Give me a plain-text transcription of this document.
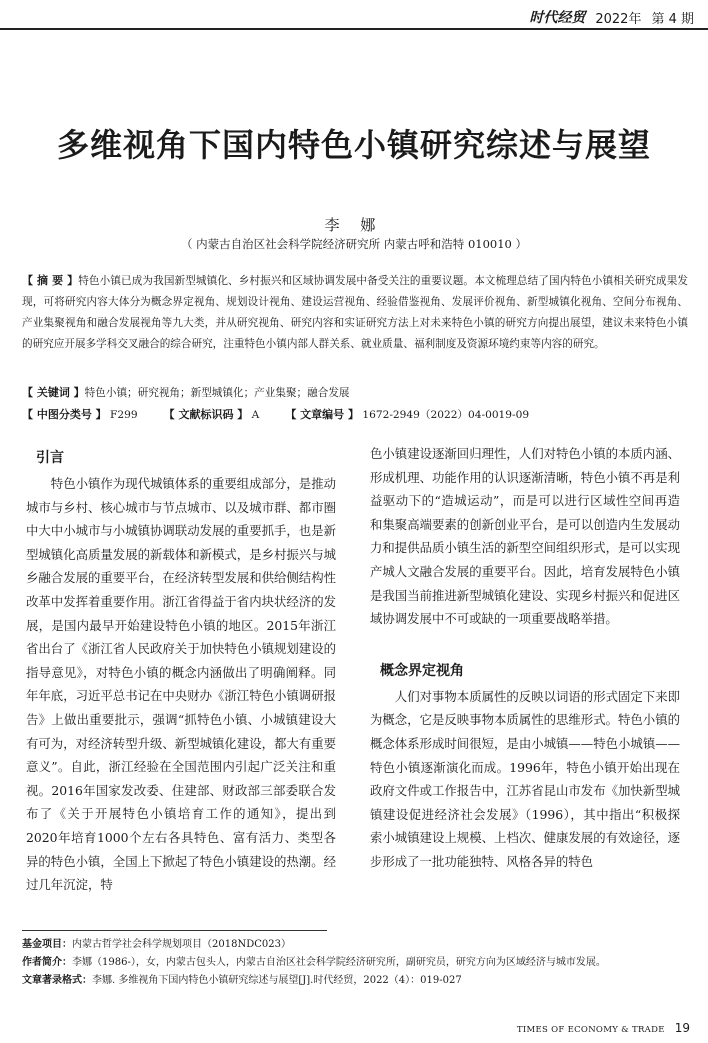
时代经贸 2022年 第 4 期
多维视角下国内特色小镇研究综述与展望
李 娜
（ 内蒙古自治区社会科学院经济研究所 内蒙古呼和浩特 010010 ）

【 摘 要 】特色小镇已成为我国新型城镇化、乡村振兴和区域协调发展中备受关注的重要议题。本文梳理总结了国内特色小镇相关研究成果发现，可将研究内容大体分为概念界定视角、规划设计视角、建设运营视角、经验借鉴视角、发展评价视角、新型城镇化视角、空间分布视角、产业集聚视角和融合发展视角等九大类，并从研究视角、研究内容和实证研究方法上对未来特色小镇的研究方向提出展望，建议未来特色小镇的研究应开展多学科交叉融合的综合研究，注重特色小镇内部人群关系、就业质量、福利制度及资源环境约束等内容的研究。

【 关键词 】特色小镇；研究视角；新型城镇化；产业集聚；融合发展
【 中图分类号 】 F299 【 文献标识码 】 A 【 文章编号 】 1672-2949（2022）04-0019-09
引言

特色小镇作为现代城镇体系的重要组成部分，是推动城市与乡村、核心城市与节点城市、以及城市群、都市圈中大中小城市与小城镇协调联动发展的重要抓手，也是新型城镇化高质量发展的新载体和新模式，是乡村振兴与城乡融合发展的重要平台，在经济转型发展和供给侧结构性改革中发挥着重要作用。浙江省得益于省内块状经济的发展，是国内最早开始建设特色小镇的地区。2015年浙江省出台了《浙江省人民政府关于加快特色小镇规划建设的指导意见》，对特色小镇的概念内涵做出了明确阐释。同年年底，习近平总书记在中央财办《浙江特色小镇调研报告》上做出重要批示，强调“抓特色小镇、小城镇建设大有可为，对经济转型升级、新型城镇化建设，都大有重要意义”。自此，浙江经验在全国范围内引起广泛关注和重视。2016年国家发改委、住建部、财政部三部委联合发布了《关于开展特色小镇培育工作的通知》，提出到2020年培育1000个左右各具特色、富有活力、类型各异的特色小镇，全国上下掀起了特色小镇建设的热潮。经过几年沉淀，特

色小镇建设逐渐回归理性，人们对特色小镇的本质内涵、形成机理、功能作用的认识逐渐清晰，特色小镇不再是利益驱动下的“造城运动”，而是可以进行区域性空间再造和集聚高端要素的创新创业平台，是可以创造内生发展动力和提供品质小镇生活的新型空间组织形式，是可以实现产城人文融合发展的重要平台。因此，培育发展特色小镇是我国当前推进新型城镇化建设、实现乡村振兴和促进区域协调发展中不可或缺的一项重要战略举措。

概念界定视角

人们对事物本质属性的反映以词语的形式固定下来即为概念，它是反映事物本质属性的思维形式。特色小镇的概念体系形成时间很短，是由小城镇——特色小城镇——特色小镇逐渐演化而成。1996年，特色小镇开始出现在政府文件或工作报告中，江苏省昆山市发布《加快新型城镇建设促进经济社会发展》（1996），其中指出“积极探索小城镇建设上规模、上档次、健康发展的有效途径，逐步形成了一批功能独特、风格各异的特色

基金项目：内蒙古哲学社会科学规划项目（2018NDC023）
作者简介：李娜（1986-），女，内蒙古包头人，内蒙古自治区社会科学院经济研究所，副研究员，研究方向为区域经济与城市发展。
文章著录格式：李娜. 多维视角下国内特色小镇研究综述与展望[J].时代经贸，2022（4）：019-027
TIMES OF ECONOMY & TRADE 19
